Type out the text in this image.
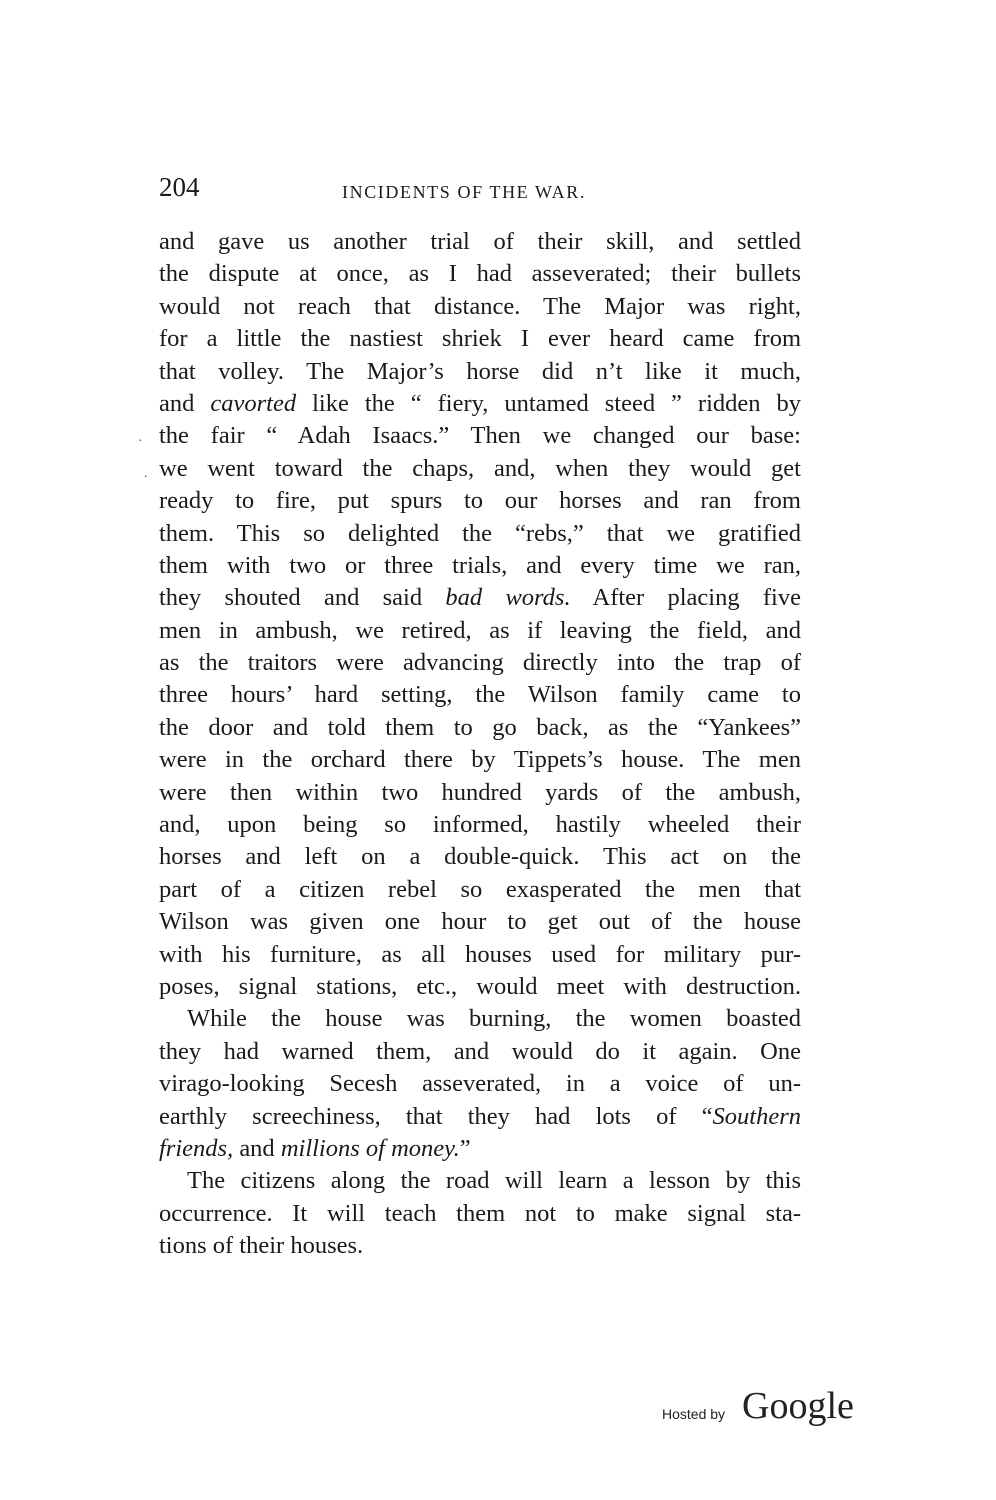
204	INCIDENTS OF THE WAR.
and gave us another trial of their skill, and settled
the dispute at once, as I had asseverated; their bullets
would not reach that distance. The Major was right,
for a little the nastiest shriek I ever heard came from
that volley. The Major’s horse did n’t like it much,
and cavorted like the “ fiery, untamed steed ” ridden by
the fair “ Adah Isaacs.” Then we changed our base:
we went toward the chaps, and, when they would get
ready to fire, put spurs to our horses and ran from
them. This so delighted the “rebs,” that we gratified
them with two or three trials, and every time we ran,
they shouted and said bad words. After placing five
men in ambush, we retired, as if leaving the field, and
as the traitors were advancing directly into the trap of
three hours’ hard setting, the Wilson family came to
the door and told them to go back, as the “Yankees”
were in the orchard there by Tippets’s house. The men
were then within two hundred yards of the ambush,
and, upon being so informed, hastily wheeled their
horses and left on a double-quick. This act on the
part of a citizen rebel so exasperated the men that
Wilson was given one hour to get out of the house
with his furniture, as all houses used for military pur-
poses, signal stations, etc., would meet with destruction.
While the house was burning, the women boasted
they had warned them, and would do it again. One
virago-looking Secesh asseverated, in a voice of un-
earthly screechiness, that they had lots of “Southern
friends, and millions of money.”
The citizens along the road will learn a lesson by this
occurrence. It will teach them not to make signal sta-
tions of their houses.
·
.
Hosted by Google
